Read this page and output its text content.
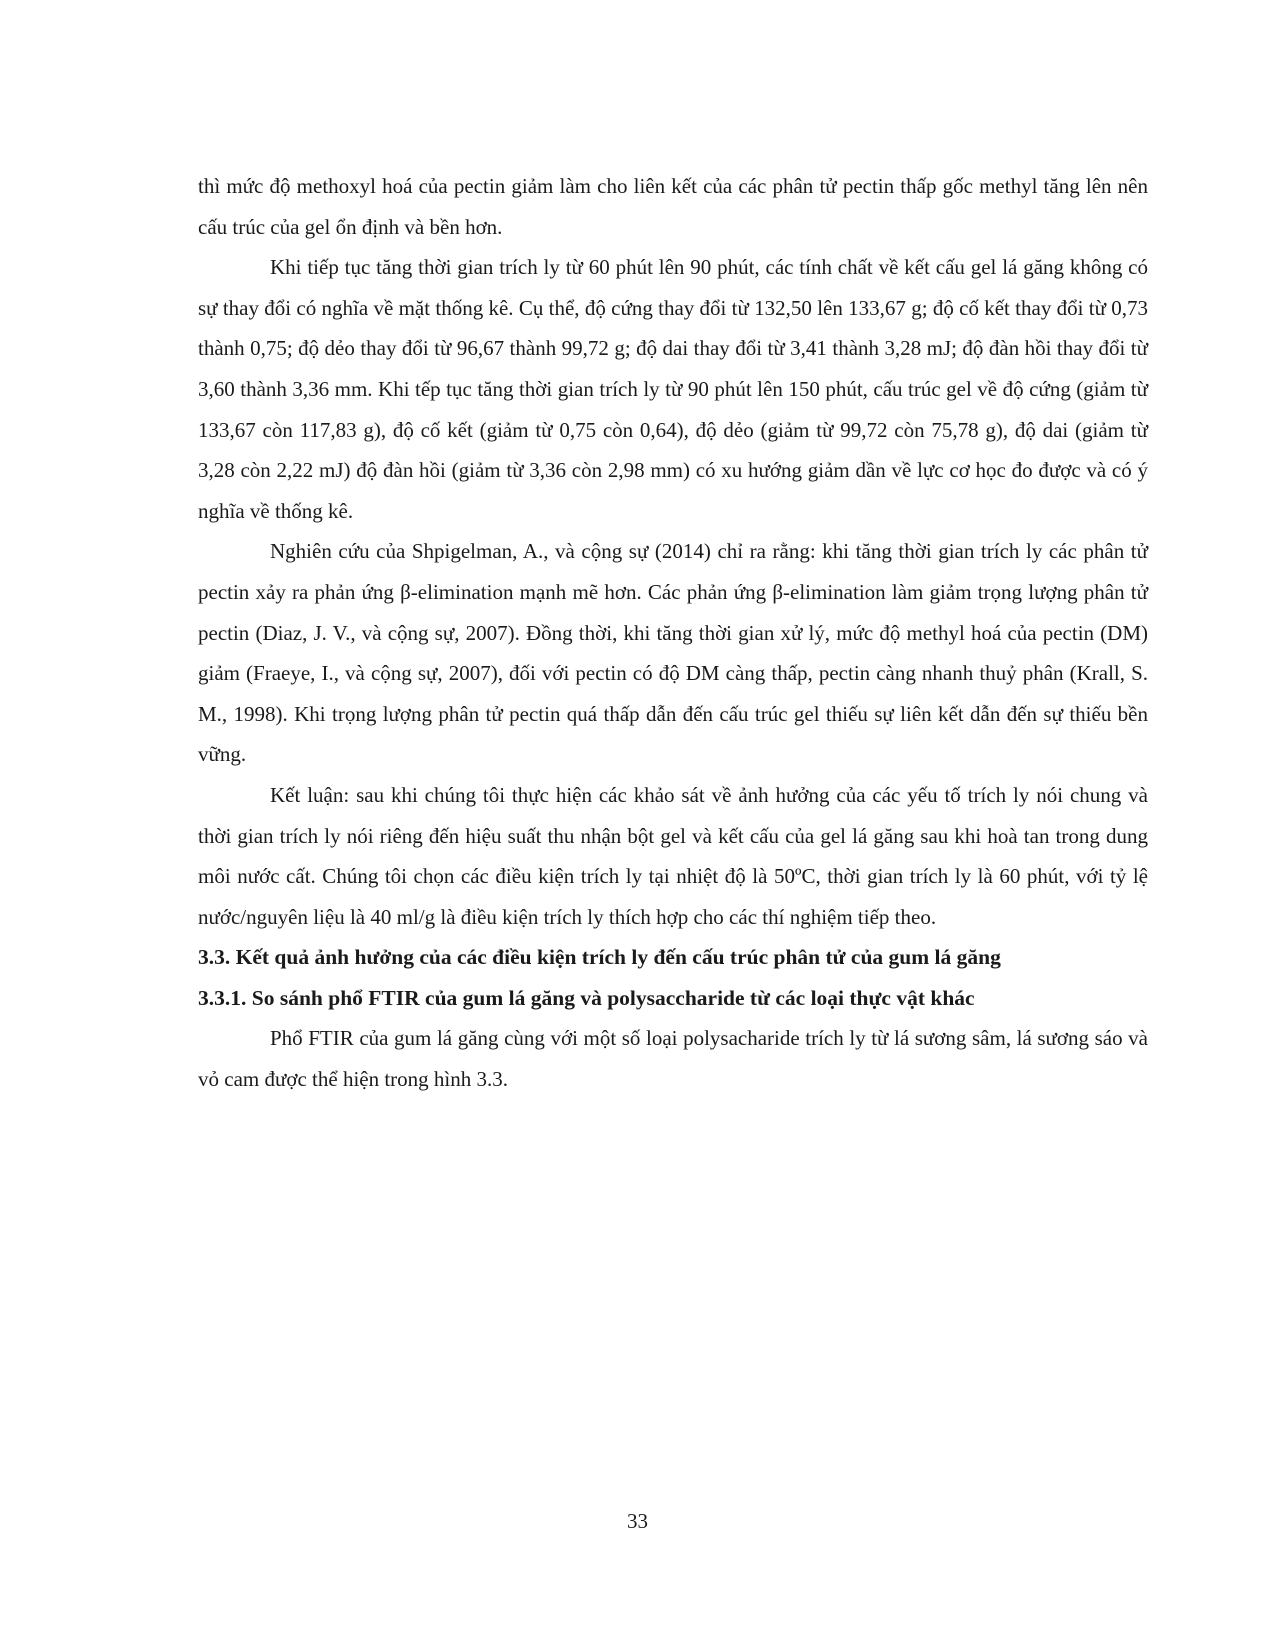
thì mức độ methoxyl hoá của pectin giảm làm cho liên kết của các phân tử pectin thấp gốc methyl tăng lên nên cấu trúc của gel ổn định và bền hơn.

Khi tiếp tục tăng thời gian trích ly từ 60 phút lên 90 phút, các tính chất về kết cấu gel lá găng không có sự thay đổi có nghĩa về mặt thống kê. Cụ thể, độ cứng thay đổi từ 132,50 lên 133,67 g; độ cố kết thay đổi từ 0,73 thành 0,75; độ dẻo thay đổi từ 96,67 thành 99,72 g; độ dai thay đổi từ 3,41 thành 3,28 mJ; độ đàn hồi thay đổi từ 3,60 thành 3,36 mm. Khi tếp tục tăng thời gian trích ly từ 90 phút lên 150 phút, cấu trúc gel về độ cứng (giảm từ 133,67 còn 117,83 g), độ cố kết (giảm từ 0,75 còn 0,64), độ dẻo (giảm từ 99,72 còn 75,78 g), độ dai (giảm từ 3,28 còn 2,22 mJ) độ đàn hồi (giảm từ 3,36 còn 2,98 mm) có xu hướng giảm dần về lực cơ học đo được và có ý nghĩa về thống kê.

Nghiên cứu của Shpigelman, A., và cộng sự (2014) chỉ ra rằng: khi tăng thời gian trích ly các phân tử pectin xảy ra phản ứng β-elimination mạnh mẽ hơn. Các phản ứng β-elimination làm giảm trọng lượng phân tử pectin (Diaz, J. V., và cộng sự, 2007). Đồng thời, khi tăng thời gian xử lý, mức độ methyl hoá của pectin (DM) giảm (Fraeye, I., và cộng sự, 2007), đối với pectin có độ DM càng thấp, pectin càng nhanh thuỷ phân (Krall, S. M., 1998). Khi trọng lượng phân tử pectin quá thấp dẫn đến cấu trúc gel thiếu sự liên kết dẫn đến sự thiếu bền vững.

Kết luận: sau khi chúng tôi thực hiện các khảo sát về ảnh hưởng của các yếu tố trích ly nói chung và thời gian trích ly nói riêng đến hiệu suất thu nhận bột gel và kết cấu của gel lá găng sau khi hoà tan trong dung môi nước cất. Chúng tôi chọn các điều kiện trích ly tại nhiệt độ là 50ºC, thời gian trích ly là 60 phút, với tỷ lệ nước/nguyên liệu là 40 ml/g là điều kiện trích ly thích hợp cho các thí nghiệm tiếp theo.

3.3. Kết quả ảnh hưởng của các điều kiện trích ly đến cấu trúc phân tử của gum lá găng

3.3.1. So sánh phổ FTIR của gum lá găng và polysaccharide từ các loại thực vật khác

Phổ FTIR của gum lá găng cùng với một số loại polysacharide trích ly từ lá sương sâm, lá sương sáo và vỏ cam được thể hiện trong hình 3.3.

33
